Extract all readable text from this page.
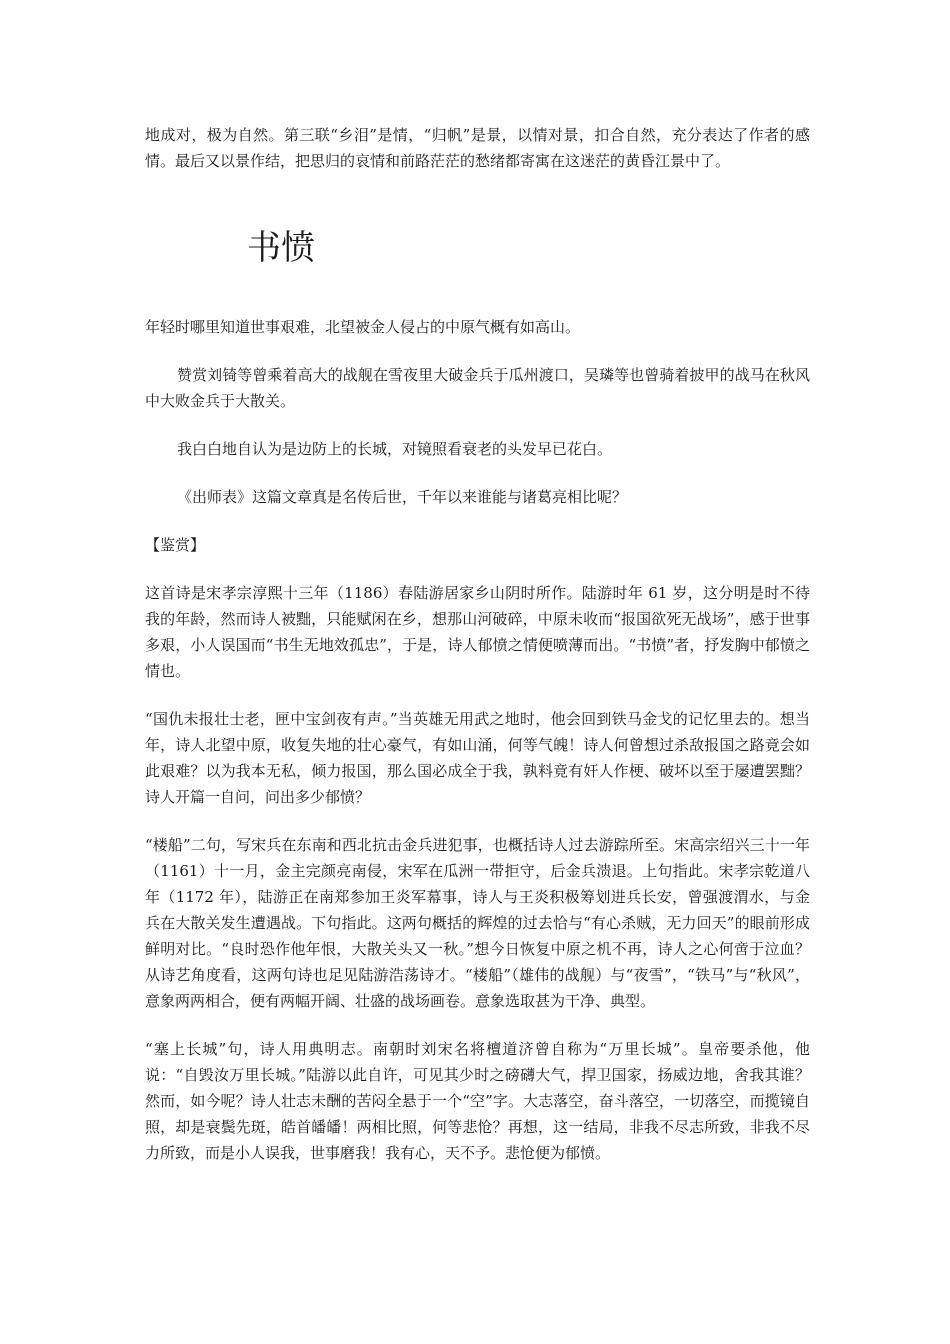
地成对，极为自然。第三联“乡泪”是情，“归帆”是景，以情对景，扣合自然，充分表达了作者的感情。最后又以景作结，把思归的哀情和前路茫茫的愁绪都寄寓在这迷茫的黄昏江景中了。

书愤

年轻时哪里知道世事艰难，北望被金人侵占的中原气概有如高山。

赞赏刘锜等曾乘着高大的战舰在雪夜里大破金兵于瓜州渡口，吴璘等也曾骑着披甲的战马在秋风中大败金兵于大散关。

我白白地自认为是边防上的长城，对镜照看衰老的头发早已花白。

《出师表》这篇文章真是名传后世，千年以来谁能与诸葛亮相比呢？

【鉴赏】

这首诗是宋孝宗淳熙十三年（1186）春陆游居家乡山阴时所作。陆游时年 61 岁，这分明是时不待我的年龄，然而诗人被黜，只能赋闲在乡，想那山河破碎，中原未收而“报国欲死无战场”，感于世事多艰，小人误国而“书生无地效孤忠”，于是，诗人郁愤之情便喷薄而出。“书愤”者，抒发胸中郁愤之情也。

“国仇未报壮士老，匣中宝剑夜有声。”当英雄无用武之地时，他会回到铁马金戈的记忆里去的。想当年，诗人北望中原，收复失地的壮心豪气，有如山涌，何等气魄！诗人何曾想过杀敌报国之路竟会如此艰难？以为我本无私，倾力报国，那么国必成全于我，孰料竟有奸人作梗、破坏以至于屡遭罢黜？诗人开篇一自问，问出多少郁愤？

“楼船”二句，写宋兵在东南和西北抗击金兵进犯事，也概括诗人过去游踪所至。宋高宗绍兴三十一年（1161）十一月，金主完颜亮南侵，宋军在瓜洲一带拒守，后金兵溃退。上句指此。宋孝宗乾道八年（1172 年），陆游正在南郑参加王炎军幕事，诗人与王炎积极筹划进兵长安，曾强渡渭水，与金兵在大散关发生遭遇战。下句指此。这两句概括的辉煌的过去恰与“有心杀贼，无力回天”的眼前形成鲜明对比。“良时恐作他年恨，大散关头又一秋。”想今日恢复中原之机不再，诗人之心何啻于泣血？从诗艺角度看，这两句诗也足见陆游浩荡诗才。“楼船”（雄伟的战舰）与“夜雪”，“铁马”与“秋风”，意象两两相合，便有两幅开阔、壮盛的战场画卷。意象选取甚为干净、典型。

“塞上长城”句，诗人用典明志。南朝时刘宋名将檀道济曾自称为“万里长城”。皇帝要杀他，他说：“自毁汝万里长城。”陆游以此自许，可见其少时之磅礴大气，捍卫国家，扬威边地，舍我其谁？然而，如今呢？诗人壮志未酬的苦闷全悬于一个“空”字。大志落空，奋斗落空，一切落空，而揽镜自照，却是衰鬓先斑，皓首皤皤！两相比照，何等悲怆？再想，这一结局，非我不尽志所致，非我不尽力所致，而是小人误我，世事磨我！我有心，天不予。悲怆便为郁愤。
